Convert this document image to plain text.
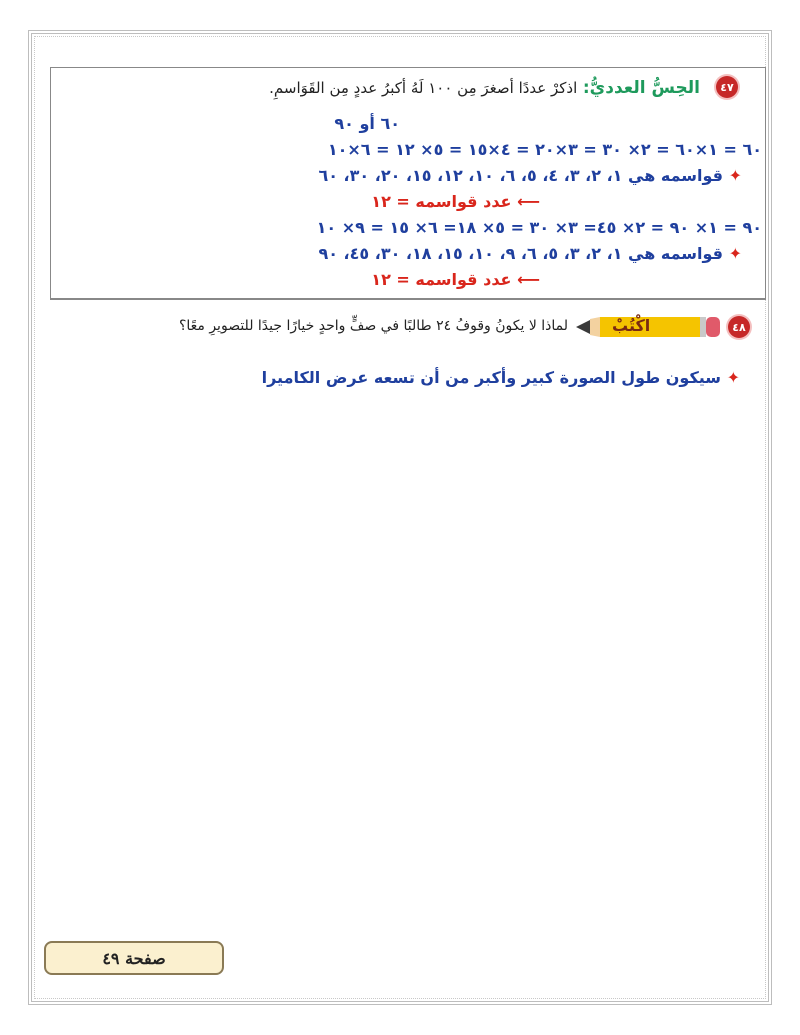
٤٧
الحِسُّ العدديُّ: اذكرْ عددًا أصغرَ مِن ١٠٠ لَهُ أكبرُ عددٍ مِن القَوَاسمِ.
٦٠ أو ٩٠
٦٠ = ١×٦٠ = ٢× ٣٠ = ٣×٢٠ = ٤×١٥ = ٥× ١٢ = ٦×١٠
✦ قواسمه هي ١، ٢، ٣، ٤، ٥، ٦، ١٠، ١٢، ١٥، ٢٠، ٣٠، ٦٠
⟵ عدد قواسمه = ١٢
٩٠ = ١× ٩٠ = ٢× ٤٥= ٣× ٣٠ = ٥× ١٨= ٦× ١٥ = ٩× ١٠
✦ قواسمه هي ١، ٢، ٣، ٥، ٦، ٩، ١٠، ١٥، ١٨، ٣٠، ٤٥، ٩٠
⟵ عدد قواسمه = ١٢
٤٨
اكْتُبْ
لماذا لا يكونُ وقوفُ ٢٤ طالبًا في صفٍّ واحدٍ خيارًا جيدًا للتصويرِ معًا؟
✦ سيكون طول الصورة كبير وأكبر من أن تسعه عرض الكاميرا
صفحة ٤٩
